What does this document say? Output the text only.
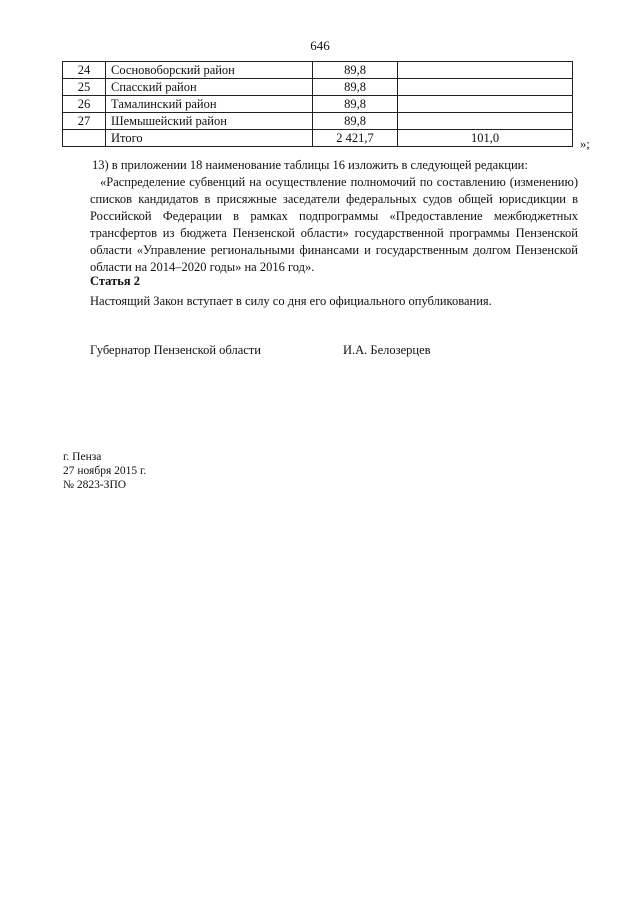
646
24	Сосновоборский район	89,8	
25	Спасский район	89,8	
26	Тамалинский район	89,8	
27	Шемышейский район	89,8	
	Итого	2 421,7	101,0	»;
13) в приложении 18 наименование таблицы 16 изложить в следующей редакции:
«Распределение субвенций на осуществление полномочий по составлению (изменению) списков кандидатов в присяжные заседатели федеральных судов общей юрисдикции в Российской Федерации в рамках подпрограммы «Предоставление межбюджетных трансфертов из бюджета Пензенской области» государственной программы Пензенской области «Управление региональными финансами и государственным долгом Пензенской области на 2014–2020 годы» на 2016 год».
Статья 2
Настоящий Закон вступает в силу со дня его официального опубликования.
Губернатор Пензенской области	И.А. Белозерцев
г. Пенза
27 ноября 2015 г.
№ 2823-ЗПО
